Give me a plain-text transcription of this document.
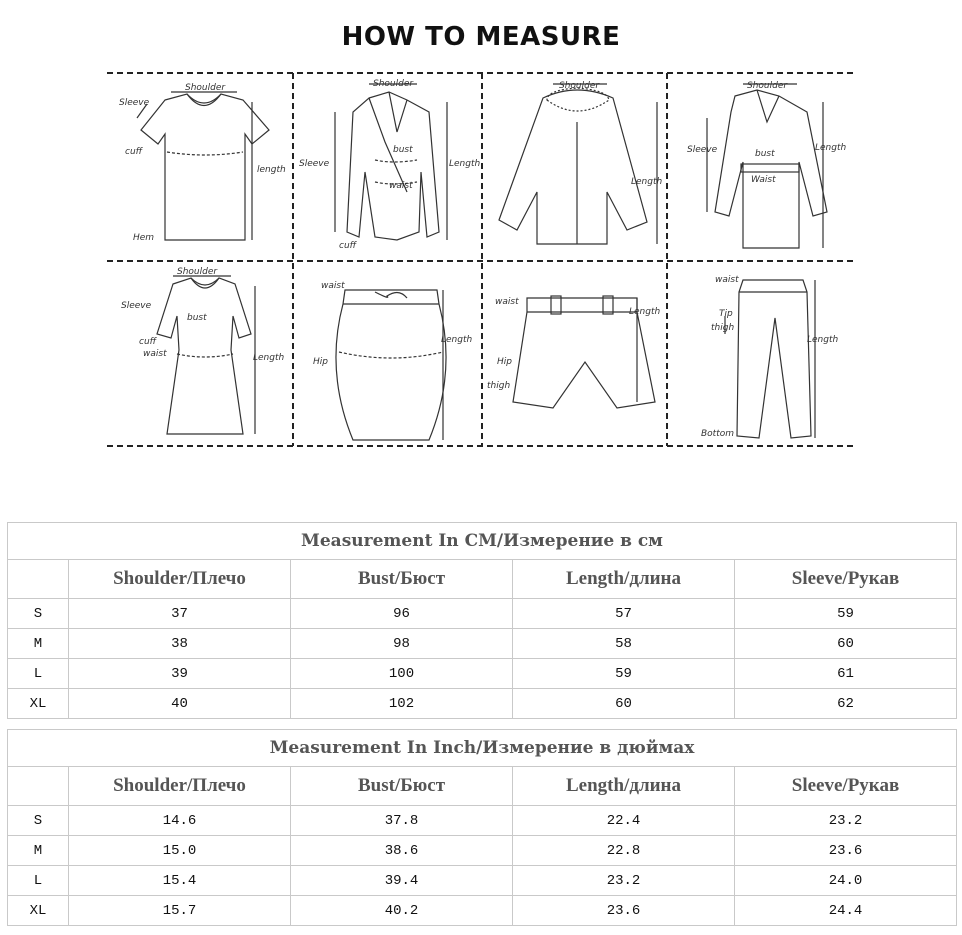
HOW TO MEASURE
Shoulder
Sleeve
cuff
length
Hem
Shoulder
Sleeve
bust
waist
Length
cuff
Shoulder
Length
Shoulder
Sleeve	bust
Waist
Length
Shoulder
Sleeve
bust
cuff
waist	Length
waist
Hip
Length
waist
Hip
thigh
Length
waist
Tip
thigh
Length
Bottom
Measurement In CM/Измерение в см				
	Shoulder/Плечо	Bust/Бюст	Length/длина	Sleeve/Рукав
S	37	96	57	59
M	38	98	58	60
L	39	100	59	61
XL	40	102	60	62
Measurement In Inch/Измерение в дюймах				
	Shoulder/Плечо	Bust/Бюст	Length/длина	Sleeve/Рукав
S	14.6	37.8	22.4	23.2
M	15.0	38.6	22.8	23.6
L	15.4	39.4	23.2	24.0
XL	15.7	40.2	23.6	24.4
